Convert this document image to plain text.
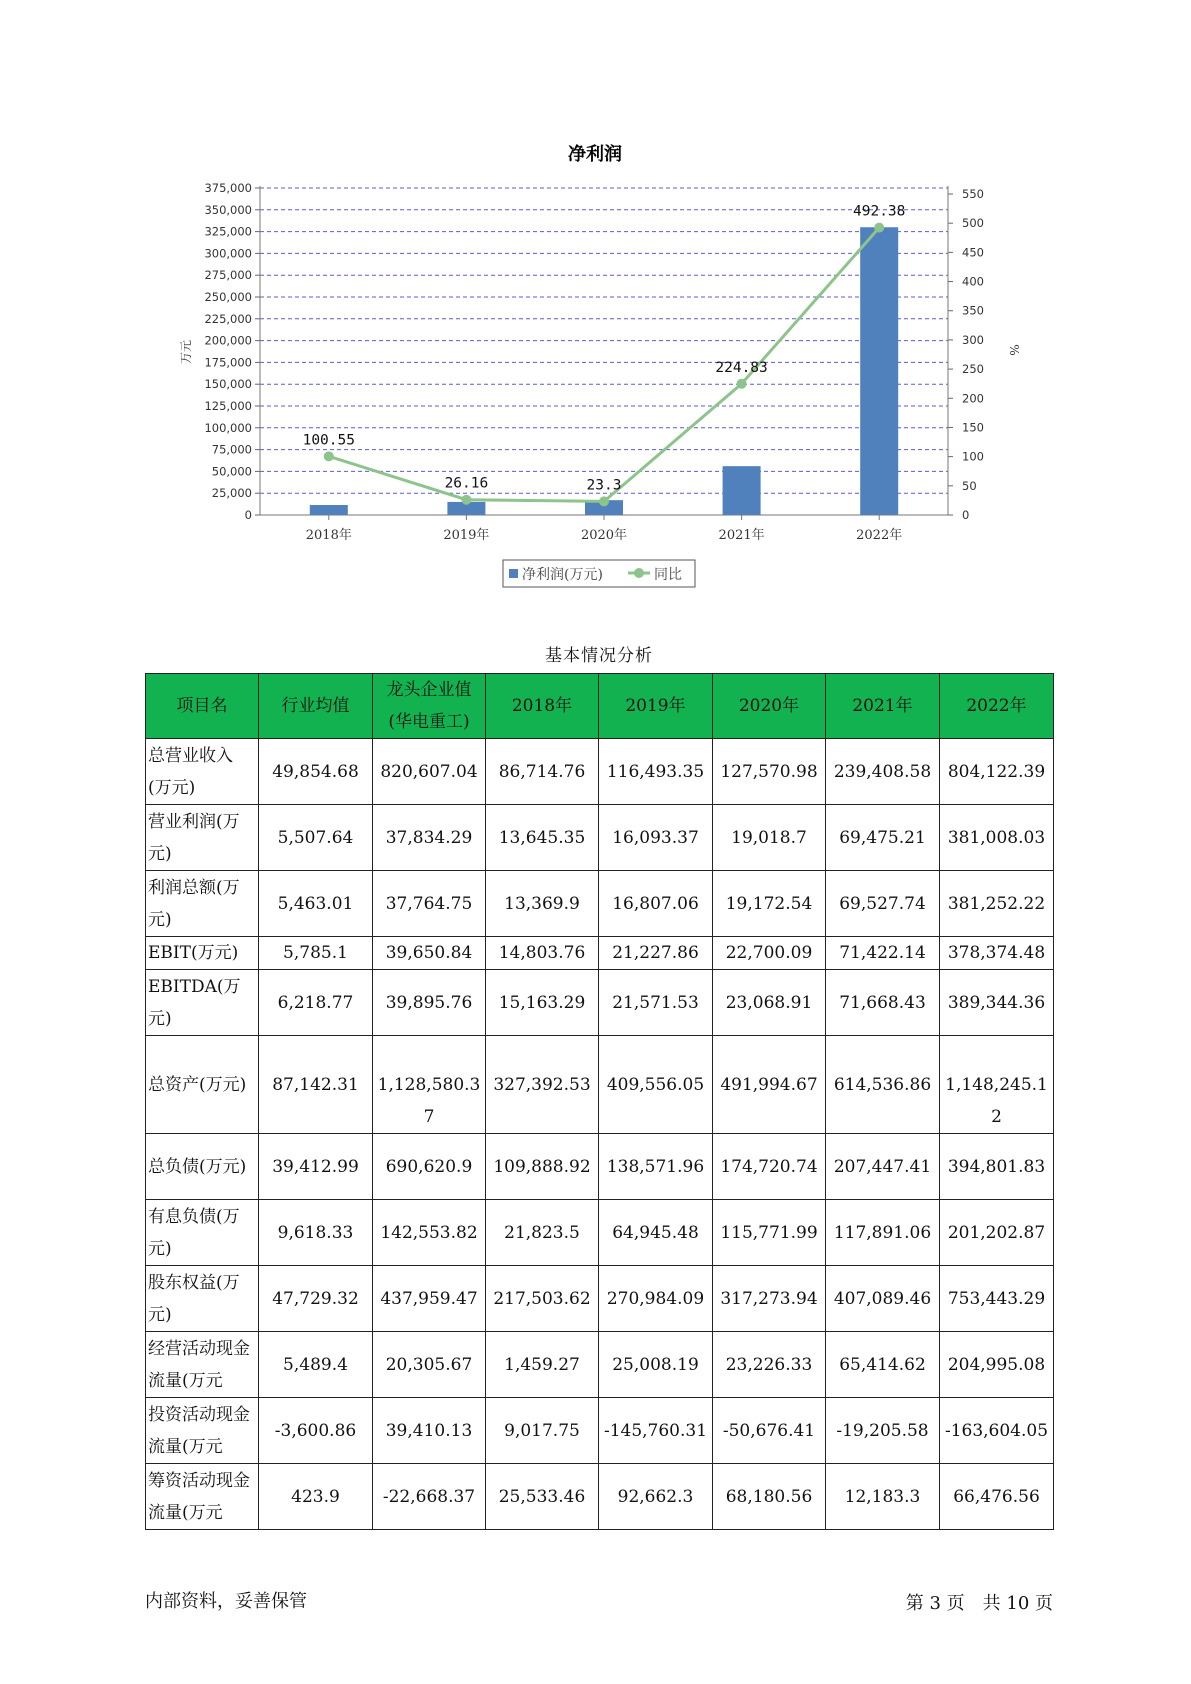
净利润
0
25,000
50,000
75,000
100,000
125,000
150,000
175,000
200,000
225,000
250,000
275,000
300,000
325,000
350,000
375,000
0
50
100
150
200
250
300
350
400
450
500
550
万元	%
2018年	2019年	2020年	2021年	2022年
100.55
26.16	23.3
224.83
492.38
净利润(万元)	同比
基本情况分析
项目名	行业均值	龙头企业值(华电重工)	2018年	2019年	2020年	2021年	2022年
总营业收入(万元)	49,854.68	820,607.04	86,714.76	116,493.35	127,570.98	239,408.58	804,122.39
营业利润(万元)	5,507.64	37,834.29	13,645.35	16,093.37	19,018.7	69,475.21	381,008.03
利润总额(万元)	5,463.01	37,764.75	13,369.9	16,807.06	19,172.54	69,527.74	381,252.22
EBIT(万元)	5,785.1	39,650.84	14,803.76	21,227.86	22,700.09	71,422.14	378,374.48
EBITDA(万元)	6,218.77	39,895.76	15,163.29	21,571.53	23,068.91	71,668.43	389,344.36
总资产(万元)	87,142.31	1,128,580.37	327,392.53	409,556.05	491,994.67	614,536.86	1,148,245.12
总负债(万元)	39,412.99	690,620.9	109,888.92	138,571.96	174,720.74	207,447.41	394,801.83
有息负债(万元)	9,618.33	142,553.82	21,823.5	64,945.48	115,771.99	117,891.06	201,202.87
股东权益(万元)	47,729.32	437,959.47	217,503.62	270,984.09	317,273.94	407,089.46	753,443.29
经营活动现金流量(万元	5,489.4	20,305.67	1,459.27	25,008.19	23,226.33	65,414.62	204,995.08
投资活动现金流量(万元	-3,600.86	39,410.13	9,017.75	-145,760.31	-50,676.41	-19,205.58	-163,604.05
筹资活动现金流量(万元	423.9	-22,668.37	25,533.46	92,662.3	68,180.56	12,183.3	66,476.56
内部资料，妥善保管	第 3 页　共 10 页
